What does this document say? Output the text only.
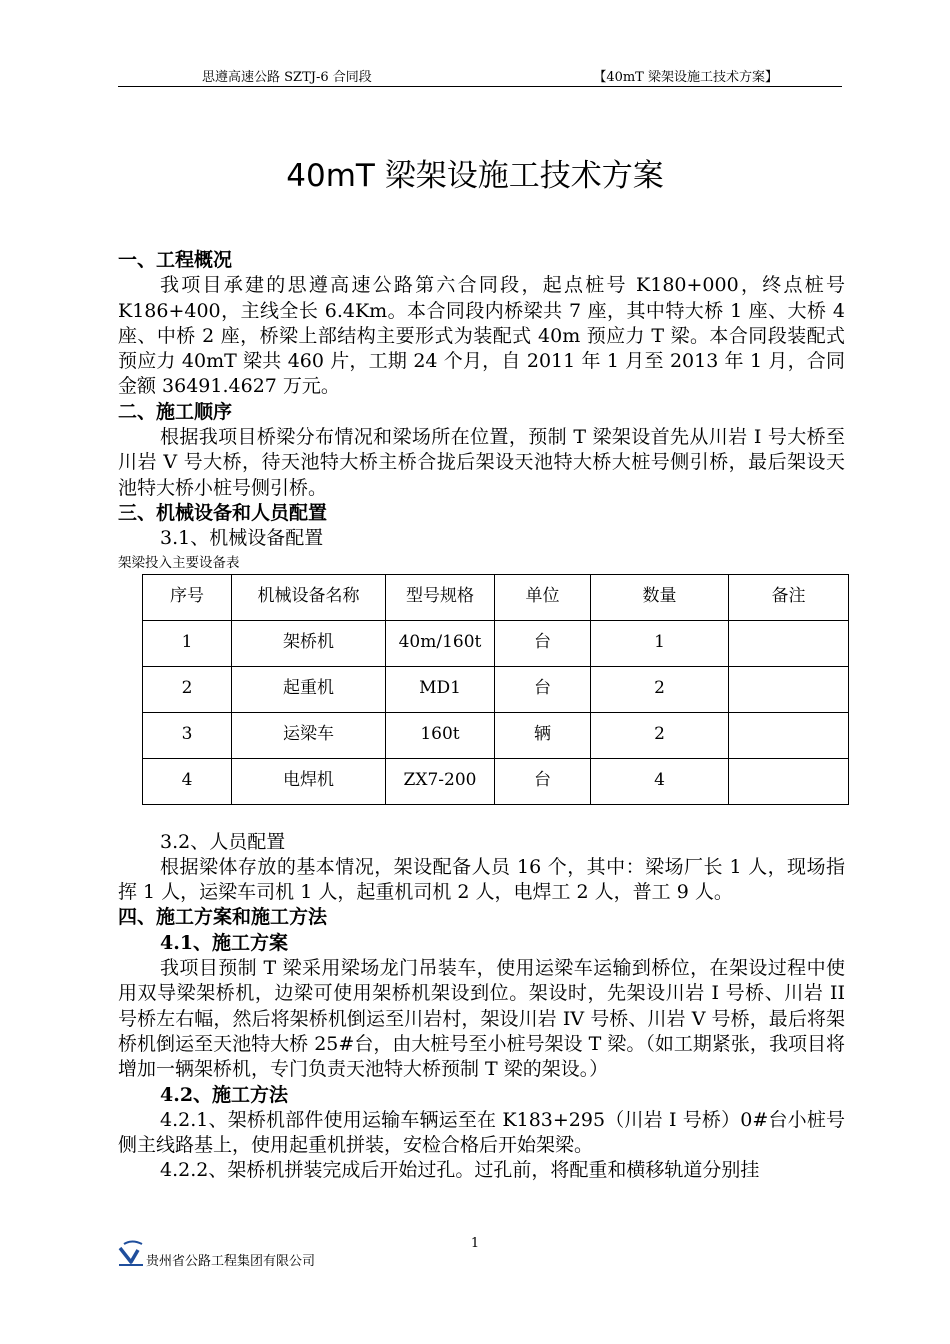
思遵高速公路 SZTJ-6 合同段	【40mT 梁架设施工技术方案】
40mT 梁架设施工技术方案

一、工程概况

我项目承建的思遵高速公路第六合同段，起点桩号 K180+000，终点桩号 K186+400，主线全长 6.4Km。本合同段内桥梁共 7 座，其中特大桥 1 座、大桥 4 座、中桥 2 座，桥梁上部结构主要形式为装配式 40m 预应力 T 梁。本合同段装配式预应力 40mT 梁共 460 片，工期 24 个月，自 2011 年 1 月至 2013 年 1 月，合同金额 36491.4627 万元。

二、施工顺序

根据我项目桥梁分布情况和梁场所在位置，预制 T 梁架设首先从川岩 I 号大桥至川岩 V 号大桥，待天池特大桥主桥合拢后架设天池特大桥大桩号侧引桥，最后架设天池特大桥小桩号侧引桥。

三、机械设备和人员配置

3.1、机械设备配置

架梁投入主要设备表

序号	机械设备名称	型号规格	单位	数量	备注
1	架桥机	40m/160t	台	1	
2	起重机	MD1	台	2	
3	运梁车	160t	辆	2	
4	电焊机	ZX7-200	台	4	

3.2、人员配置

根据梁体存放的基本情况，架设配备人员 16 个，其中：梁场厂长 1 人，现场指挥 1 人，运梁车司机 1 人，起重机司机 2 人，电焊工 2 人，普工 9 人。

四、施工方案和施工方法

4.1、施工方案

我项目预制 T 梁采用梁场龙门吊装车，使用运梁车运输到桥位，在架设过程中使用双导梁架桥机，边梁可使用架桥机架设到位。架设时，先架设川岩 I 号桥、川岩 II 号桥左右幅，然后将架桥机倒运至川岩村，架设川岩 IV 号桥、川岩 V 号桥，最后将架桥机倒运至天池特大桥 25#台，由大桩号至小桩号架设 T 梁。（如工期紧张，我项目将增加一辆架桥机，专门负责天池特大桥预制 T 梁的架设。）

4.2、施工方法

4.2.1、架桥机部件使用运输车辆运至在 K183+295（川岩 I 号桥）0#台小桩号侧主线路基上，使用起重机拼装，安检合格后开始架梁。

4.2.2、架桥机拼装完成后开始过孔。过孔前，将配重和横移轨道分别挂

1
贵州省公路工程集团有限公司
